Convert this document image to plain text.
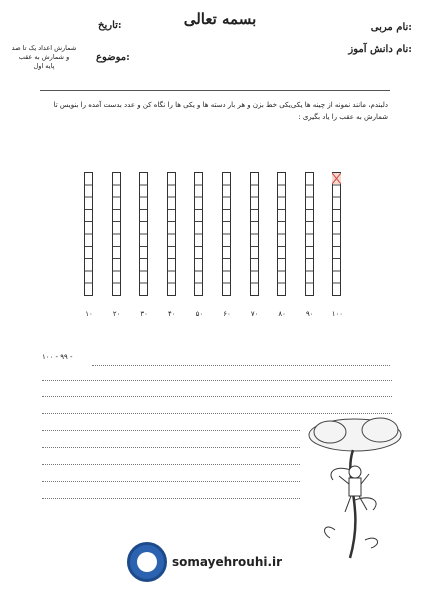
بسمه تعالی	نام مربی:
نام دانش آموز:
تاریخ:
موضوع:
شمارش اعداد یک تا صد
و شمارش به عقب
پایه اول
دلبندم، مانند نمونه از چینه ها یکی‌یکی خط بزن و هر بار دسته ها و یکی ها را نگاه کن و عدد بدست آمده را بنویس تا شمارش به عقب را یاد بگیری :
۱۰	۲۰	۳۰	۴۰	۵۰	۶۰	۷۰	۸۰	۹۰	۱۰۰
۱۰۰ - ۹۹ -
somayehrouhi.ir
